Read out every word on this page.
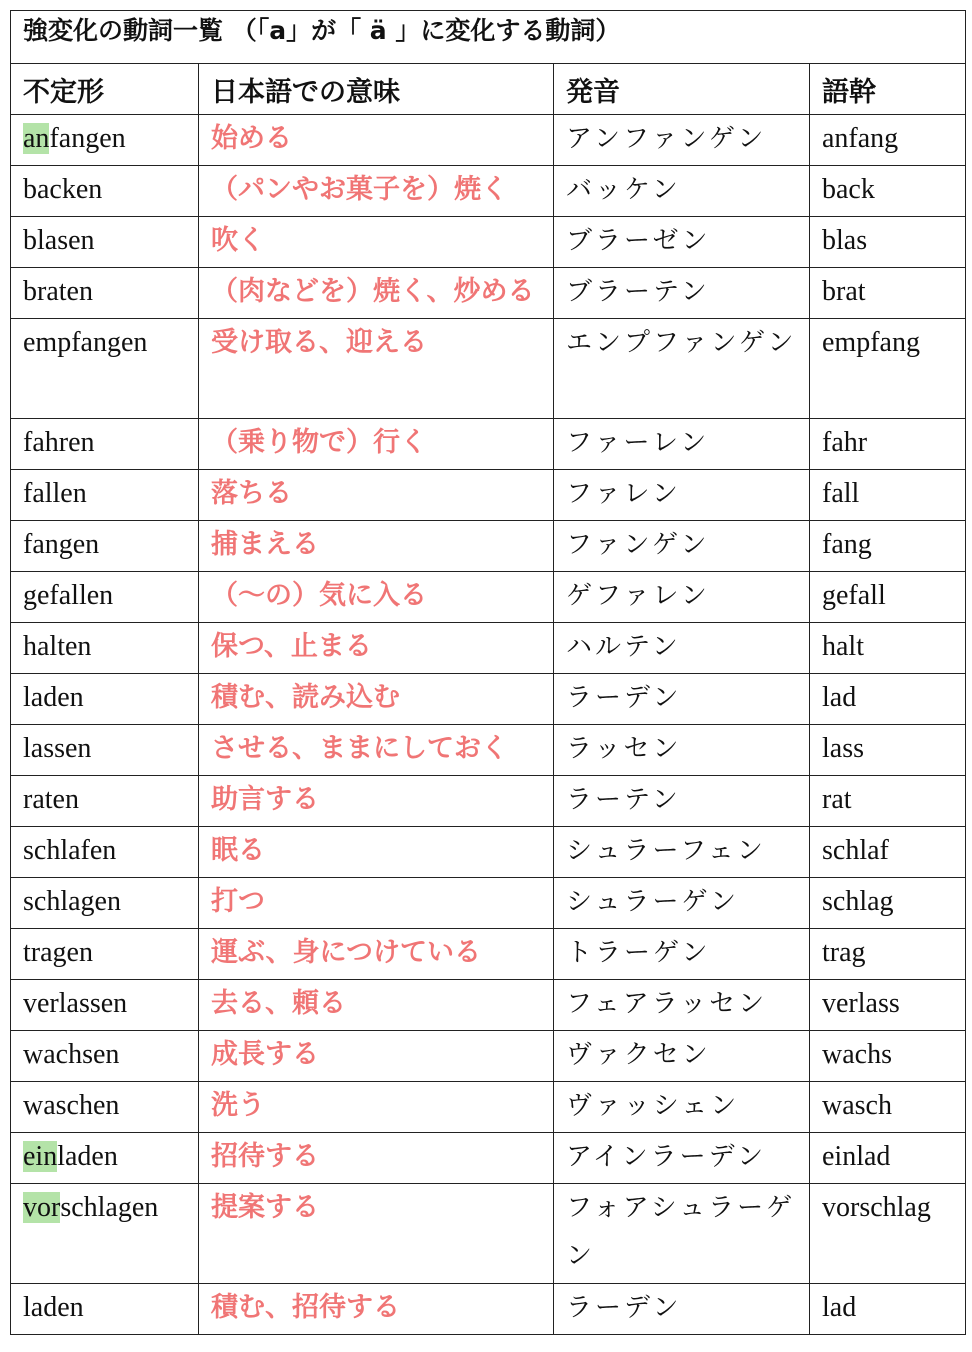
強変化の動詞一覧 （「a」が「 ä 」に変化する動詞）			
不定形	日本語での意味	発音	語幹
anfangen	始める	アンファンゲン	anfang
backen	（パンやお菓子を）焼く	バッケン	back
blasen	吹く	ブラーゼン	blas
braten	（肉などを）焼く、炒める	ブラーテン	brat
empfangen	受け取る、迎える	エンプファンゲン	empfang
fahren	（乗り物で）行く	ファーレン	fahr
fallen	落ちる	ファレン	fall
fangen	捕まえる	ファンゲン	fang
gefallen	（～の）気に入る	ゲファレン	gefall
halten	保つ、止まる	ハルテン	halt
laden	積む、読み込む	ラーデン	lad
lassen	させる、ままにしておく	ラッセン	lass
raten	助言する	ラーテン	rat
schlafen	眠る	シュラーフェン	schlaf
schlagen	打つ	シュラーゲン	schlag
tragen	運ぶ、身につけている	トラーゲン	trag
verlassen	去る、頼る	フェアラッセン	verlass
wachsen	成長する	ヴァクセン	wachs
waschen	洗う	ヴァッシェン	wasch
einladen	招待する	アインラーデン	einlad
vorschlagen	提案する	フォアシュラーゲン	vorschlag
laden	積む、招待する	ラーデン	lad
